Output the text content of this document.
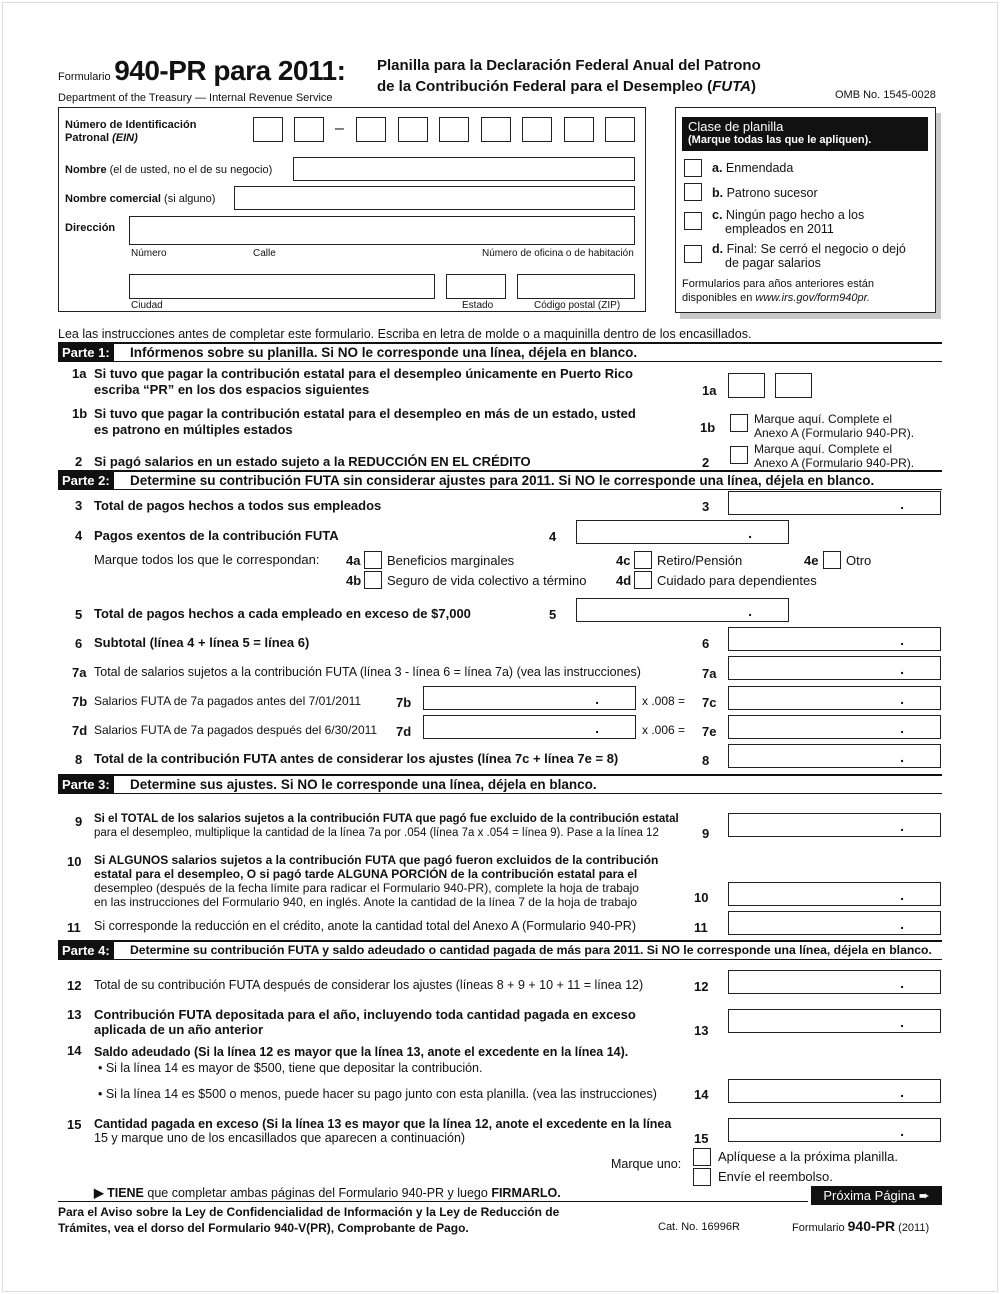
Formulario 940-PR para 2011:
Department of the Treasury — Internal Revenue Service
Planilla para la Declaración Federal Anual del Patrono
de la Contribución Federal para el Desempleo (FUTA)	OMB No. 1545-0028
Número de Identificación
Patronal (EIN)
–
Nombre (el de usted, no el de su negocio)
Nombre comercial (si alguno)
Dirección
Número	Calle	Número de oficina o de habitación
Ciudad	Estado	Código postal (ZIP)
Clase de planilla
(Marque todas las que le apliquen).
a. Enmendada
b. Patrono sucesor
c. Ningún pago hecho a los
empleados en 2011
d. Final: Se cerró el negocio o dejó
de pagar salarios
Formularios para años anteriores están
disponibles en www.irs.gov/form940pr.
Lea las instrucciones antes de completar este formulario. Escriba en letra de molde o a maquinilla dentro de los encasillados.
Parte 1: Infórmenos sobre su planilla. Si NO le corresponde una línea, déjela en blanco.
1a Si tuvo que pagar la contribución estatal para el desempleo únicamente en Puerto Rico
escriba “PR” en los dos espacios siguientes	1a
1b Si tuvo que pagar la contribución estatal para el desempleo en más de un estado, usted
es patrono en múltiples estados	1b
Marque aquí. Complete el
Anexo A (Formulario 940-PR).
2 Si pagó salarios en un estado sujeto a la REDUCCIÓN EN EL CRÉDITO	2
Marque aquí. Complete el
Anexo A (Formulario 940-PR).
Parte 2: Determine su contribución FUTA sin considerar ajustes para 2011. Si NO le corresponde una línea, déjela en blanco.
3 Total de pagos hechos a todos sus empleados	3	.
4 Pagos exentos de la contribución FUTA	4	.
Marque todos los que le correspondan: 4a Beneficios marginales	4c Retiro/Pensión	4e Otro
4b Seguro de vida colectivo a término 4d Cuidado para dependientes
5 Total de pagos hechos a cada empleado en exceso de $7,000	5	.
6 Subtotal (línea 4 + línea 5 = línea 6)	6	.
7a Total de salarios sujetos a la contribución FUTA (línea 3 - línea 6 = línea 7a) (vea las instrucciones)	7a	.
7b Salarios FUTA de 7a pagados antes del 7/01/2011	7b	.	x .008 = 7c	.
7d Salarios FUTA de 7a pagados después del 6/30/2011 7d	.	x .006 = 7e	.
8 Total de la contribución FUTA antes de considerar los ajustes (línea 7c + línea 7e = 8)	8	.
Parte 3: Determine sus ajustes. Si NO le corresponde una línea, déjela en blanco.
9 Si el TOTAL de los salarios sujetos a la contribución FUTA que pagó fue excluido de la contribución estatal
para el desempleo, multiplique la cantidad de la línea 7a por .054 (línea 7a x .054 = línea 9). Pase a la línea 12	9	.
10 Si ALGUNOS salarios sujetos a la contribución FUTA que pagó fueron excluidos de la contribución
estatal para el desempleo, O si pagó tarde ALGUNA PORCIÓN de la contribución estatal para el
desempleo (después de la fecha límite para radicar el Formulario 940-PR), complete la hoja de trabajo
en las instrucciones del Formulario 940, en inglés. Anote la cantidad de la línea 7 de la hoja de trabajo	10	.
11 Si corresponde la reducción en el crédito, anote la cantidad total del Anexo A (Formulario 940-PR)	11	.
Parte 4:	Determine su contribución FUTA y saldo adeudado o cantidad pagada de más para 2011. Si NO le corresponde una línea, déjela en blanco.
12 Total de su contribución FUTA después de considerar los ajustes (líneas 8 + 9 + 10 + 11 = línea 12)	12	.
13 Contribución FUTA depositada para el año, incluyendo toda cantidad pagada en exceso
aplicada de un año anterior	13
.
14 Saldo adeudado (Si la línea 12 es mayor que la línea 13, anote el excedente en la línea 14).
• Si la línea 14 es mayor de $500, tiene que depositar la contribución.
• Si la línea 14 es $500 o menos, puede hacer su pago junto con esta planilla. (vea las instrucciones)	14	.
15 Cantidad pagada en exceso (Si la línea 13 es mayor que la línea 12, anote el excedente en la línea
15 y marque uno de los encasillados que aparecen a continuación)	15	.
Marque uno:	Aplíquese a la próxima planilla.
Envíe el reembolso.
▶ TIENE que completar ambas páginas del Formulario 940-PR y luego FIRMARLO.	Próxima Página ➨
Para el Aviso sobre la Ley de Confidencialidad de Información y la Ley de Reducción de
Trámites, vea el dorso del Formulario 940-V(PR), Comprobante de Pago.	Cat. No. 16996R	Formulario 940-PR (2011)
